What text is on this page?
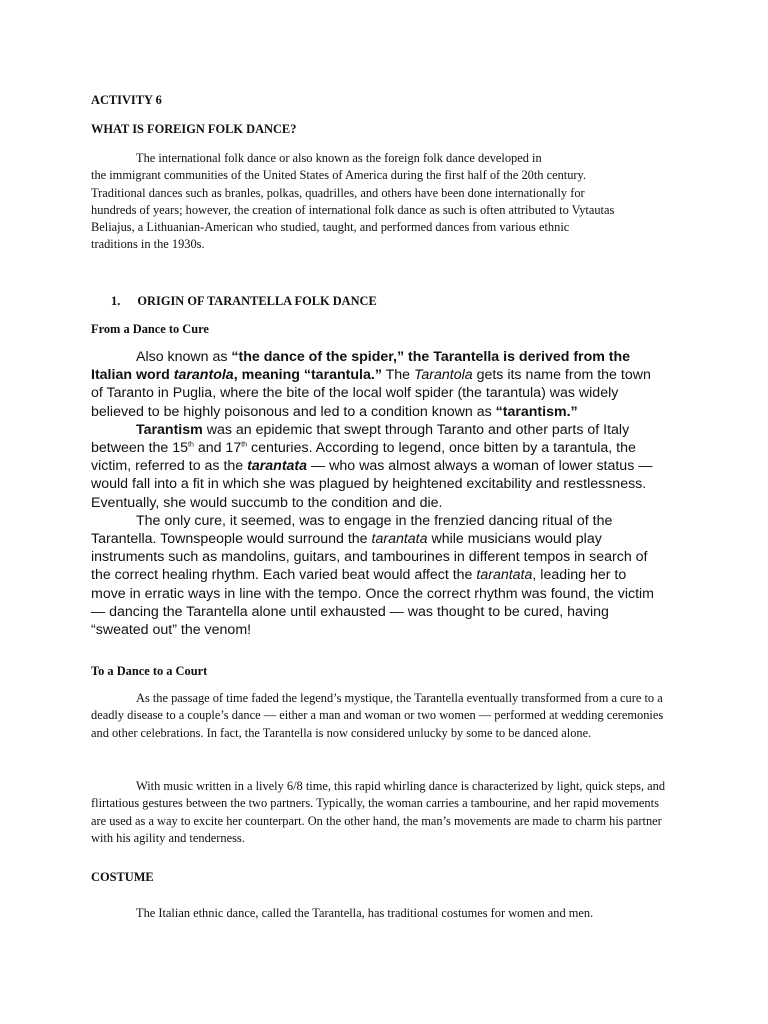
ACTIVITY 6

WHAT IS FOREIGN FOLK DANCE?

The international folk dance or also known as the foreign folk dance developed in
the immigrant communities of the United States of America during the first half of the 20th century.
Traditional dances such as branles, polkas, quadrilles, and others have been done internationally for
hundreds of years; however, the creation of international folk dance as such is often attributed to Vytautas
Beliajus, a Lithuanian-American who studied, taught, and performed dances from various ethnic
traditions in the 1930s.
1. ORIGIN OF TARANTELLA FOLK DANCE

From a Dance to Cure

Also known as “the dance of the spider,” the Tarantella is derived from the Italian word tarantola, meaning “tarantula.” The Tarantola gets its name from the town of Taranto in Puglia, where the bite of the local wolf spider (the tarantula) was widely believed to be highly poisonous and led to a condition known as “tarantism.”

Tarantism was an epidemic that swept through Taranto and other parts of Italy between the 15th and 17th centuries. According to legend, once bitten by a tarantula, the victim, referred to as the tarantata — who was almost always a woman of lower status — would fall into a fit in which she was plagued by heightened excitability and restlessness. Eventually, she would succumb to the condition and die.

The only cure, it seemed, was to engage in the frenzied dancing ritual of the Tarantella. Townspeople would surround the tarantata while musicians would play instruments such as mandolins, guitars, and tambourines in different tempos in search of the correct healing rhythm. Each varied beat would affect the tarantata, leading her to move in erratic ways in line with the tempo. Once the correct rhythm was found, the victim — dancing the Tarantella alone until exhausted — was thought to be cured, having “sweated out” the venom!

To a Dance to a Court

As the passage of time faded the legend’s mystique, the Tarantella eventually transformed from a cure to a deadly disease to a couple’s dance — either a man and woman or two women — performed at wedding ceremonies and other celebrations. In fact, the Tarantella is now considered unlucky by some to be danced alone.

With music written in a lively 6/8 time, this rapid whirling dance is characterized by light, quick steps, and flirtatious gestures between the two partners. Typically, the woman carries a tambourine, and her rapid movements are used as a way to excite her counterpart. On the other hand, the man’s movements are made to charm his partner with his agility and tenderness.

COSTUME

The Italian ethnic dance, called the Tarantella, has traditional costumes for women and men.
